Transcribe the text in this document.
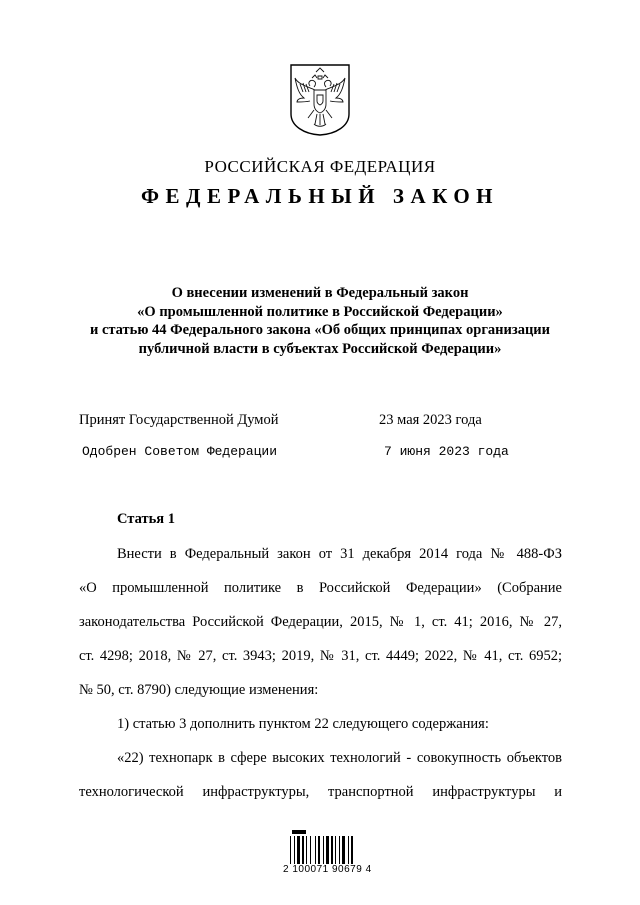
РОССИЙСКАЯ ФЕДЕРАЦИЯ
ФЕДЕРАЛЬНЫЙ ЗАКОН
О внесении изменений в Федеральный закон
«О промышленной политике в Российской Федерации»
и статью 44 Федерального закона «Об общих принципах организации
публичной власти в субъектах Российской Федерации»
Принят Государственной Думой	23 мая 2023 года
Одобрен Советом Федерации	7 июня 2023 года
Статья 1
Внести в Федеральный закон от 31 декабря 2014 года № 488-ФЗ
«О промышленной политике в Российской Федерации» (Собрание
законодательства Российской Федерации, 2015, № 1, ст. 41; 2016, № 27,
ст. 4298; 2018, № 27, ст. 3943; 2019, № 31, ст. 4449; 2022, № 41, ст. 6952;
№ 50, ст. 8790) следующие изменения:
1) статью 3 дополнить пунктом 22 следующего содержания:
«22) технопарк в сфере высоких технологий - совокупность объектов
технологической инфраструктуры, транспортной инфраструктуры и
2 100071 90679 4
